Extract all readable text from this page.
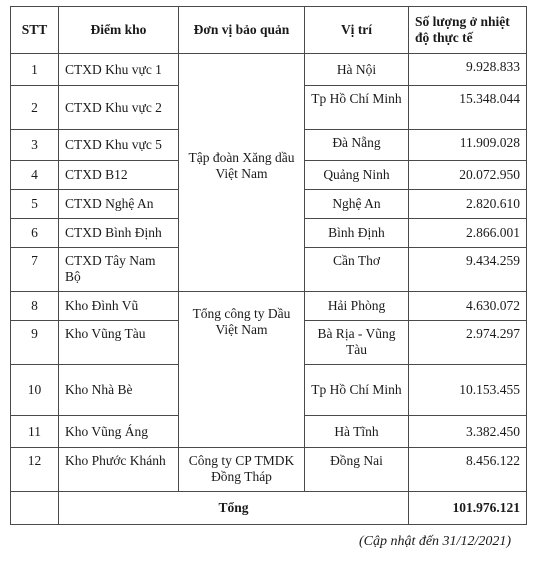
STT	Điểm kho	Đơn vị bảo quản	Vị trí	Số lượng ở nhiệt độ thực tế
1	CTXD Khu vực 1	Tập đoàn Xăng dầu Việt Nam	Hà Nội	9.928.833
2	CTXD Khu vực 2		Tp Hồ Chí Minh	15.348.044
3	CTXD Khu vực 5		Đà Nẵng	11.909.028
4	CTXD B12		Quảng Ninh	20.072.950
5	CTXD Nghệ An		Nghệ An	2.820.610
6	CTXD Bình Định		Bình Định	2.866.001
7	CTXD Tây Nam Bộ		Cần Thơ	9.434.259
8	Kho Đình Vũ	Tổng công ty Dầu Việt Nam	Hải Phòng	4.630.072
9	Kho Vũng Tàu		Bà Rịa - Vũng Tàu	2.974.297
10	Kho Nhà Bè		Tp Hồ Chí Minh	10.153.455
11	Kho Vũng Áng		Hà Tĩnh	3.382.450
12	Kho Phước Khánh	Công ty CP TMDK Đồng Tháp	Đồng Nai	8.456.122
	Tổng			101.976.121
(Cập nhật đến 31/12/2021)
